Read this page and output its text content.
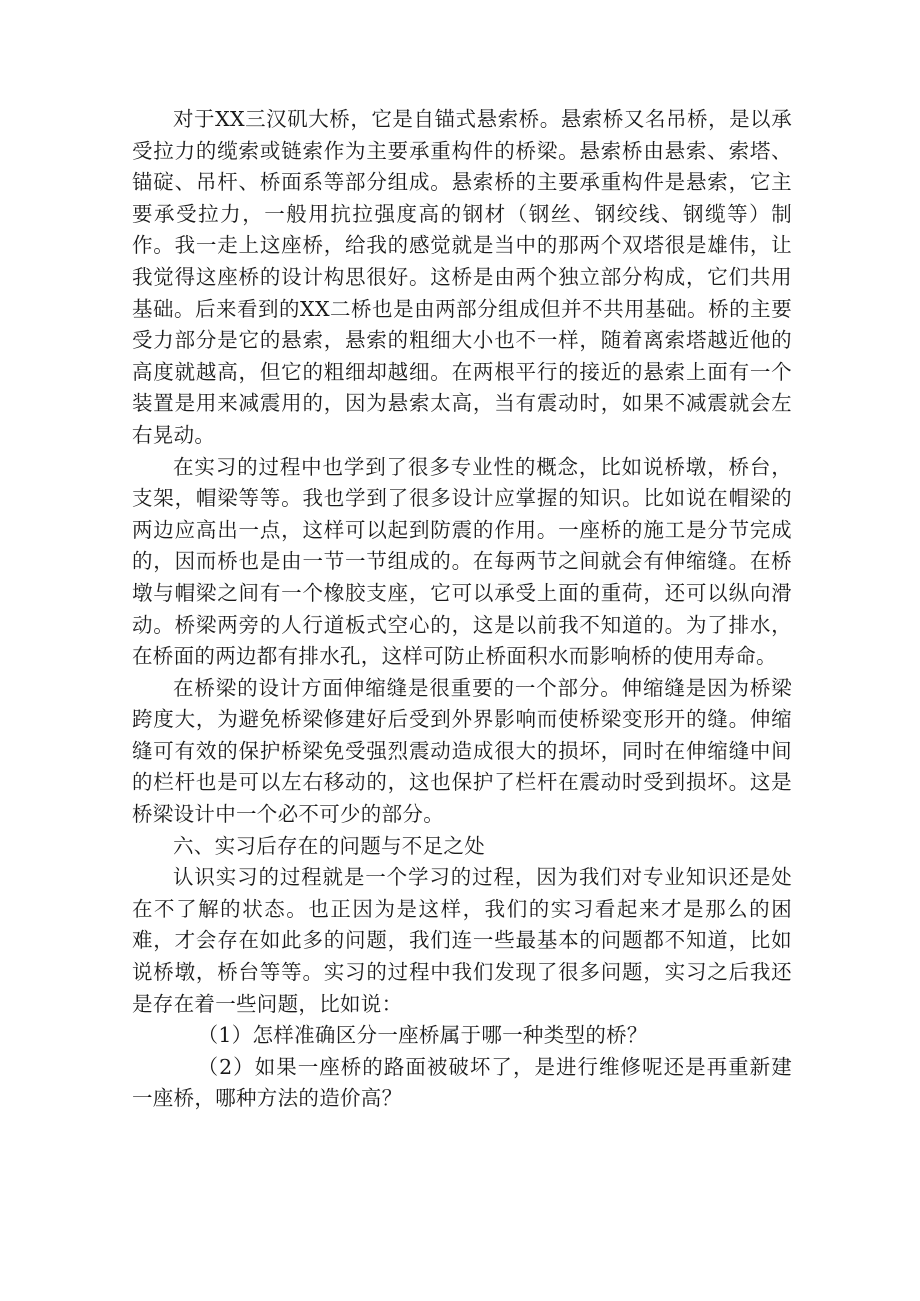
对于XX三汉矶大桥，它是自锚式悬索桥。悬索桥又名吊桥，是以承受拉力的缆索或链索作为主要承重构件的桥梁。悬索桥由悬索、索塔、锚碇、吊杆、桥面系等部分组成。悬索桥的主要承重构件是悬索，它主要承受拉力，一般用抗拉强度高的钢材（钢丝、钢绞线、钢缆等）制作。我一走上这座桥，给我的感觉就是当中的那两个双塔很是雄伟，让我觉得这座桥的设计构思很好。这桥是由两个独立部分构成，它们共用基础。后来看到的XX二桥也是由两部分组成但并不共用基础。桥的主要受力部分是它的悬索，悬索的粗细大小也不一样，随着离索塔越近他的高度就越高，但它的粗细却越细。在两根平行的接近的悬索上面有一个装置是用来减震用的，因为悬索太高，当有震动时，如果不减震就会左右晃动。

在实习的过程中也学到了很多专业性的概念，比如说桥墩，桥台，支架，帽梁等等。我也学到了很多设计应掌握的知识。比如说在帽梁的两边应高出一点，这样可以起到防震的作用。一座桥的施工是分节完成的，因而桥也是由一节一节组成的。在每两节之间就会有伸缩缝。在桥墩与帽梁之间有一个橡胶支座，它可以承受上面的重荷，还可以纵向滑动。桥梁两旁的人行道板式空心的，这是以前我不知道的。为了排水，在桥面的两边都有排水孔，这样可防止桥面积水而影响桥的使用寿命。

在桥梁的设计方面伸缩缝是很重要的一个部分。伸缩缝是因为桥梁跨度大，为避免桥梁修建好后受到外界影响而使桥梁变形开的缝。伸缩缝可有效的保护桥梁免受强烈震动造成很大的损坏，同时在伸缩缝中间的栏杆也是可以左右移动的，这也保护了栏杆在震动时受到损坏。这是桥梁设计中一个必不可少的部分。

六、实习后存在的问题与不足之处

认识实习的过程就是一个学习的过程，因为我们对专业知识还是处在不了解的状态。也正因为是这样，我们的实习看起来才是那么的困难，才会存在如此多的问题，我们连一些最基本的问题都不知道，比如说桥墩，桥台等等。实习的过程中我们发现了很多问题，实习之后我还是存在着一些问题，比如说：

（1）怎样准确区分一座桥属于哪一种类型的桥？

（2）如果一座桥的路面被破坏了，是进行维修呢还是再重新建一座桥，哪种方法的造价高？
